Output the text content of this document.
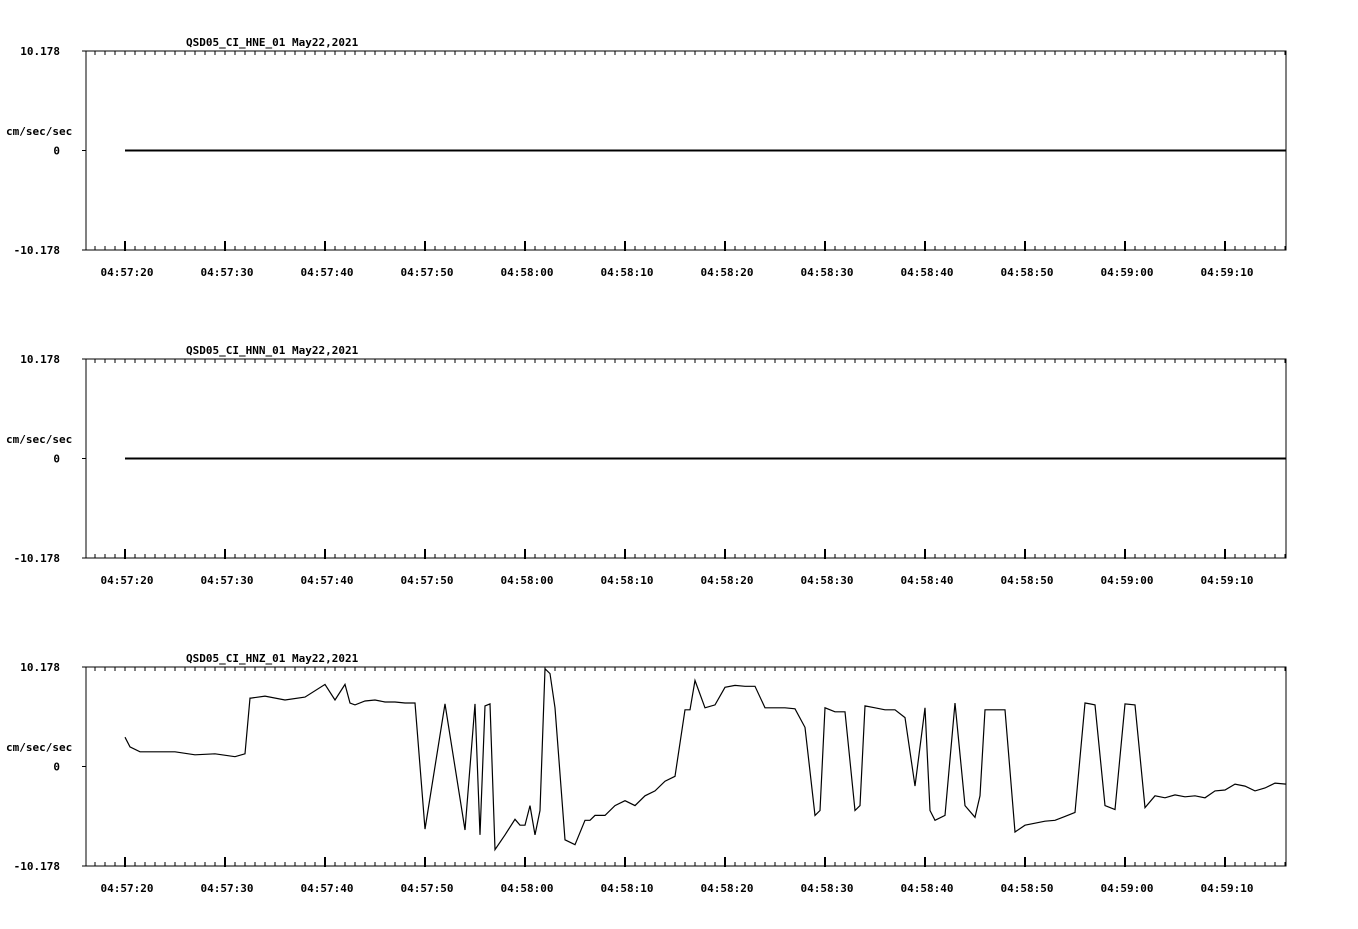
QSD05_CI_HNE_01 May22,2021
10.178
0
-10.178
cm/sec/sec
04:57:20	04:57:30	04:57:40	04:57:50	04:58:00	04:58:10	04:58:20	04:58:30	04:58:40	04:58:50	04:59:00	04:59:10
QSD05_CI_HNN_01 May22,2021
10.178
0
-10.178
cm/sec/sec
04:57:20	04:57:30	04:57:40	04:57:50	04:58:00	04:58:10	04:58:20	04:58:30	04:58:40	04:58:50	04:59:00	04:59:10
QSD05_CI_HNZ_01 May22,2021
10.178
0
-10.178
cm/sec/sec
04:57:20	04:57:30	04:57:40	04:57:50	04:58:00	04:58:10	04:58:20	04:58:30	04:58:40	04:58:50	04:59:00	04:59:10
